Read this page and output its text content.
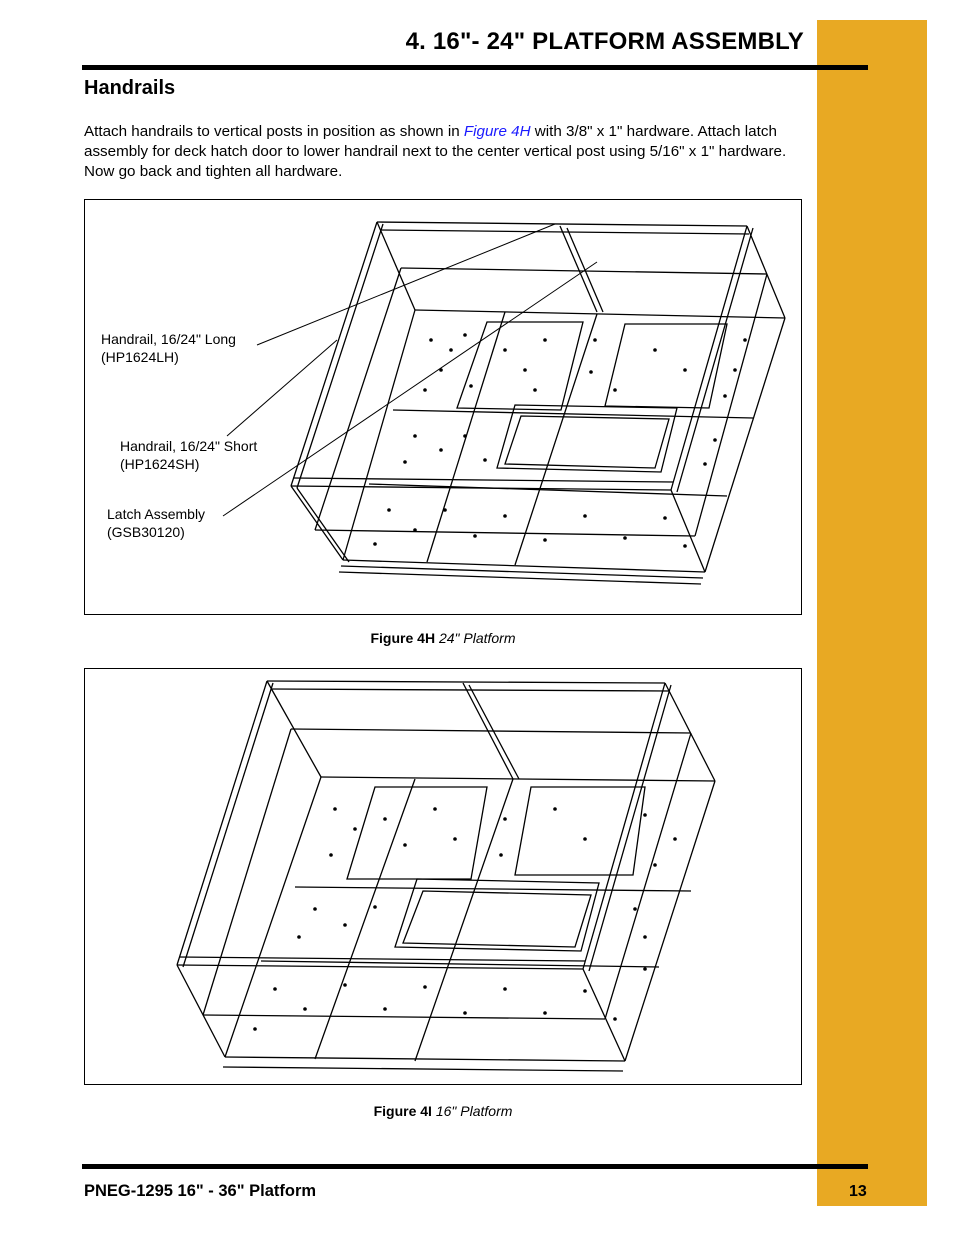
4. 16"- 24" PLATFORM ASSEMBLY
Handrails
Attach handrails to vertical posts in position as shown in Figure 4H with 3/8" x 1" hardware. Attach latch assembly for deck hatch door to lower handrail next to the center vertical post using 5/16" x 1" hardware. Now go back and tighten all hardware.
Handrail, 16/24" Long
(HP1624LH)
Handrail, 16/24" Short
(HP1624SH)
Latch Assembly
(GSB30120)
Figure 4H 24" Platform
Figure 4I 16" Platform
PNEG-1295 16" - 36" Platform	13
